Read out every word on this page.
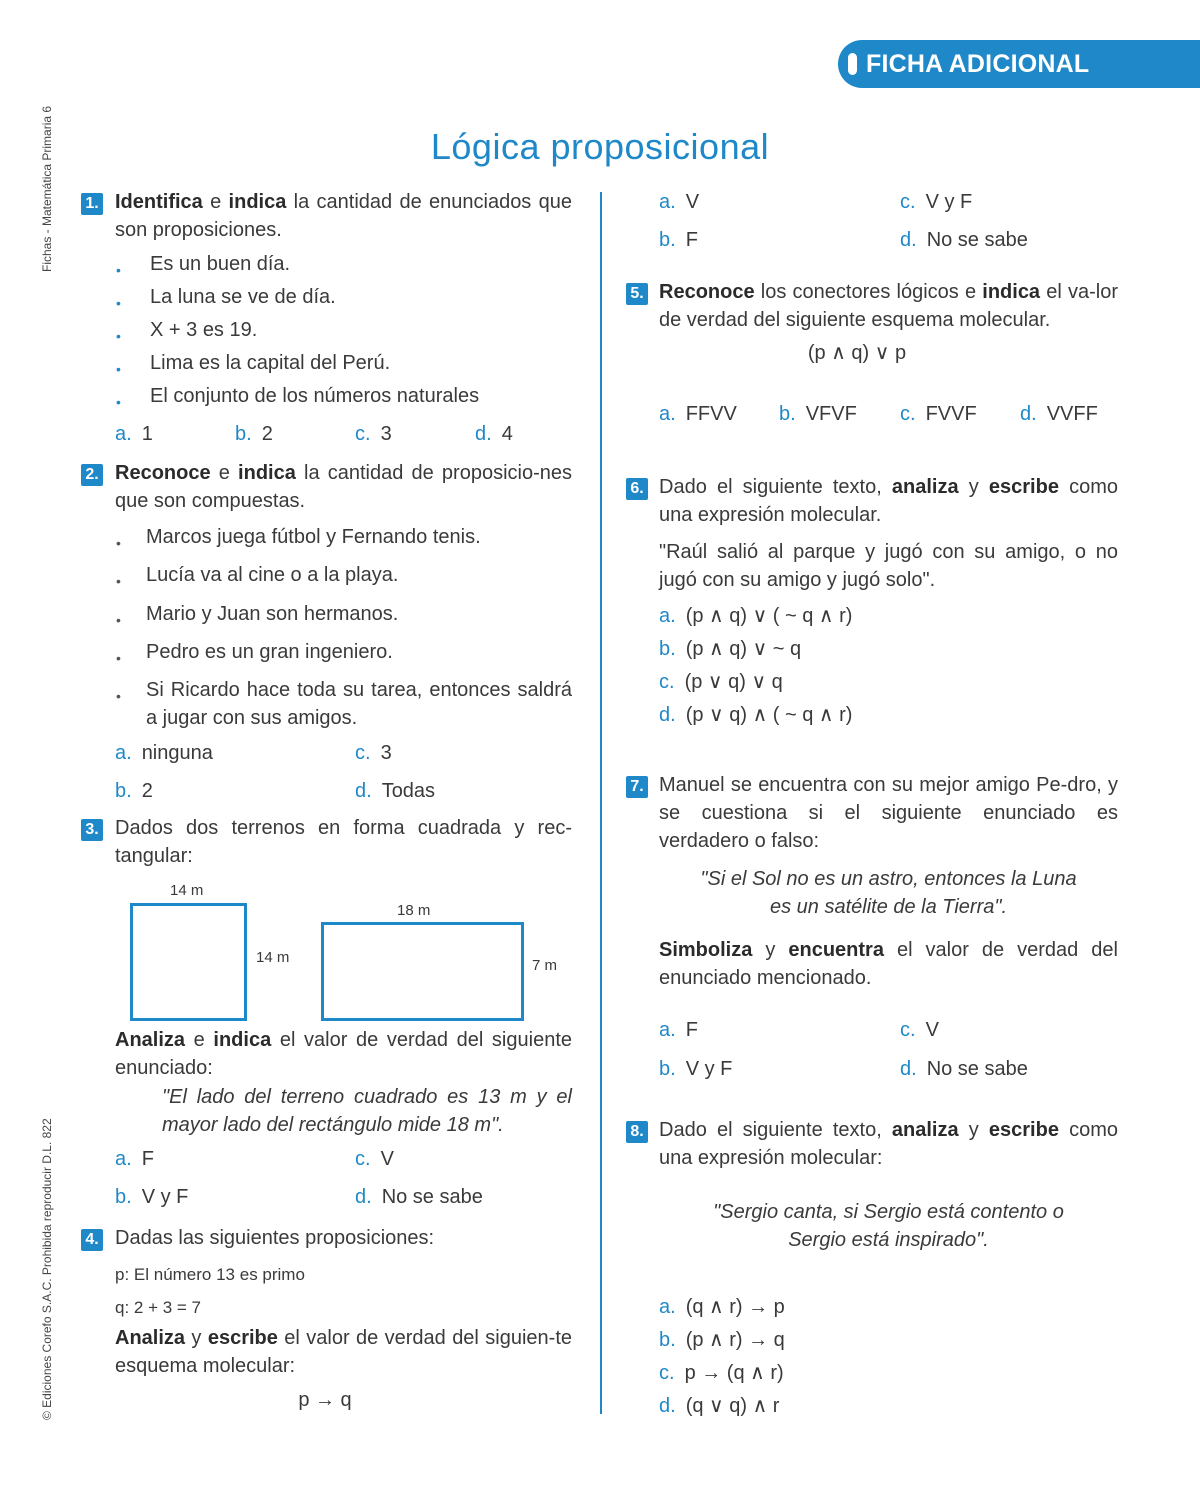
FICHA ADICIONAL
Lógica proposicional
Fichas - Matemática Primaria 6
© Ediciones Corefo S.A.C. Prohibida reproducir D.L. 822
1. Identifica e indica la cantidad de enunciados que son proposiciones.
• Es un buen día.
• La luna se ve de día.
• X + 3 es 19.
• Lima es la capital del Perú.
• El conjunto de los números naturales
a. 1	b. 2	c. 3	d. 4
2. Reconoce e indica la cantidad de proposicio-nes que son compuestas.
• Marcos juega fútbol y Fernando tenis.
• Lucía va al cine o a la playa.
• Mario y Juan son hermanos.
• Pedro es un gran ingeniero.
• Si Ricardo hace toda su tarea, entonces saldrá a jugar con sus amigos.
a. ninguna	c. 3
b. 2	d. Todas
3. Dados dos terrenos en forma cuadrada y rec-tangular:
14 m
14 m
18 m
7 m
Analiza e indica el valor de verdad del siguiente enunciado:
"El lado del terreno cuadrado es 13 m y el mayor lado del rectángulo mide 18 m".
a. F	c. V
b. V y F	d. No se sabe
4. Dadas las siguientes proposiciones:
p: El número 13 es primo
q: 2 + 3 = 7
Analiza y escribe el valor de verdad del siguien-te esquema molecular:
p → q
a. V	c. V y F
b. F	d. No se sabe
5. Reconoce los conectores lógicos e indica el va-lor de verdad del siguiente esquema molecular.
(p ∧ q) ∨ p
a. FFVV b. VFVF c. FVVF d. VVFF
6. Dado el siguiente texto, analiza y escribe como una expresión molecular.
"Raúl salió al parque y jugó con su amigo, o no jugó con su amigo y jugó solo".
a. (p ∧ q) ∨ ( ~ q ∧ r)
b. (p ∧ q) ∨ ~ q
c. (p ∨ q) ∨ q
d. (p ∨ q) ∧ ( ~ q ∧ r)
7. Manuel se encuentra con su mejor amigo Pe-dro, y se cuestiona si el siguiente enunciado es verdadero o falso:
"Si el Sol no es un astro, entonces la Luna
es un satélite de la Tierra".
Simboliza y encuentra el valor de verdad del enunciado mencionado.
a. F	c. V
b. V y F	d. No se sabe
8. Dado el siguiente texto, analiza y escribe como una expresión molecular:
"Sergio canta, si Sergio está contento o
Sergio está inspirado".
a. (q ∧ r) → p
b. (p ∧ r) → q
c. p → (q ∧ r)
d. (q ∨ q) ∧ r
